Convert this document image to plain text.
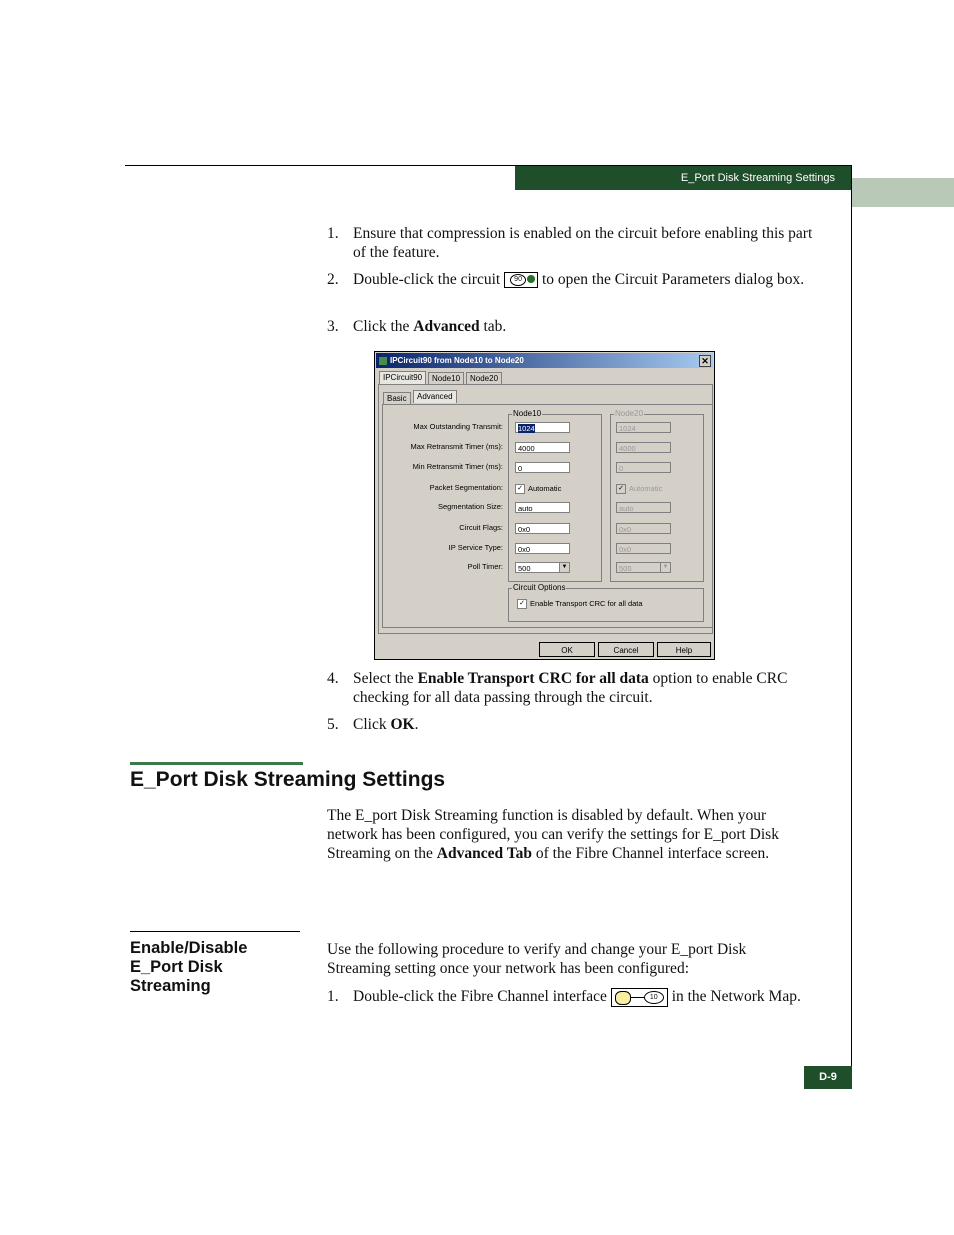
E_Port Disk Streaming Settings
1. Ensure that compression is enabled on the circuit before enabling this part of the feature.
2. Double-click the circuit	90 to open the Circuit Parameters dialog box.
3. Click the Advanced tab.
IPCircuit90 from Node10 to Node20	✕
IPCircuit90	Node10	Node20
Basic	Advanced
Node10	Node20
Max Outstanding Transmit:	1024	1024
Max Retransmit Timer (ms):	4000	4000
Min Retransmit Timer (ms):	0	0
Packet Segmentation: ✓ Automatic	✓ Automatic
Segmentation Size:	auto	auto
Circuit Flags:	0x0	0x0
IP Service Type:	0x0	0x0
Poll Timer:	500	▼	500	▼
Circuit Options
✓ Enable Transport CRC for all data
OK	Cancel	Help
4. Select the Enable Transport CRC for all data option to enable CRC checking for all data passing through the circuit.
5. Click OK.
E_Port Disk Streaming Settings
The E_port Disk Streaming function is disabled by default. When your network has been configured, you can verify the settings for E_port Disk Streaming on the Advanced Tab of the Fibre Channel interface screen.
Enable/Disable E_Port Disk Streaming
Use the following procedure to verify and change your E_port Disk Streaming setting once your network has been configured:
1. Double-click the Fibre Channel interface	10 in the Network Map.
D-9
